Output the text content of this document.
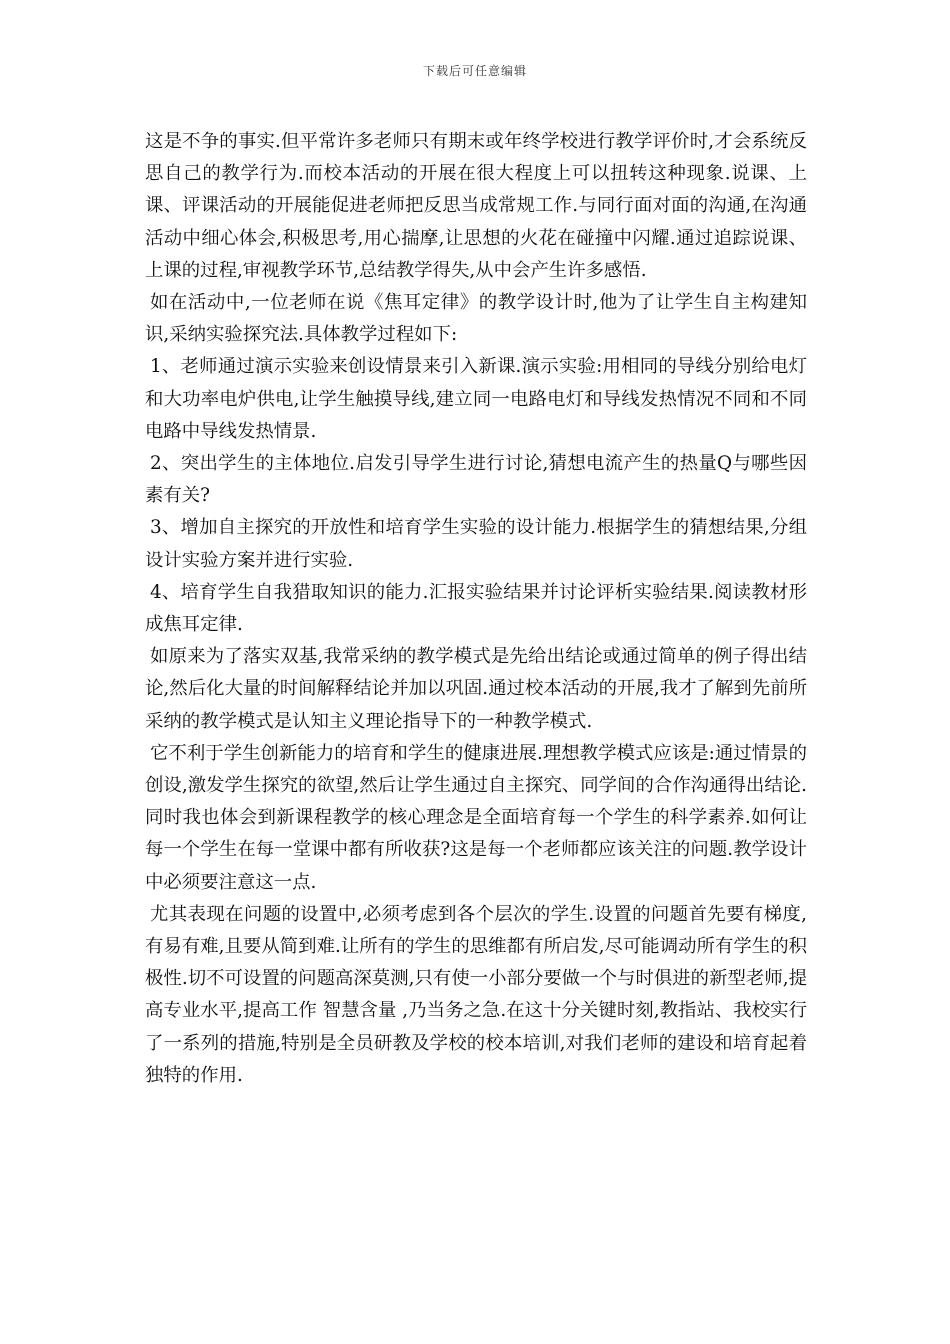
下载后可任意编辑

这是不争的事实.但平常许多老师只有期末或年终学校进行教学评价时,才会系统反思自己的教学行为.而校本活动的开展在很大程度上可以扭转这种现象.说课、上课、评课活动的开展能促进老师把反思当成常规工作.与同行面对面的沟通,在沟通活动中细心体会,积极思考,用心揣摩,让思想的火花在碰撞中闪耀.通过追踪说课、上课的过程,审视教学环节,总结教学得失,从中会产生许多感悟.

如在活动中,一位老师在说《焦耳定律》的教学设计时,他为了让学生自主构建知识,采纳实验探究法.具体教学过程如下:

1、老师通过演示实验来创设情景来引入新课.演示实验:用相同的导线分别给电灯和大功率电炉供电,让学生触摸导线,建立同一电路电灯和导线发热情况不同和不同电路中导线发热情景.

2、突出学生的主体地位.启发引导学生进行讨论,猜想电流产生的热量Q与哪些因素有关?

3、增加自主探究的开放性和培育学生实验的设计能力.根据学生的猜想结果,分组设计实验方案并进行实验.

4、培育学生自我猎取知识的能力.汇报实验结果并讨论评析实验结果.阅读教材形成焦耳定律.

如原来为了落实双基,我常采纳的教学模式是先给出结论或通过简单的例子得出结论,然后化大量的时间解释结论并加以巩固.通过校本活动的开展,我才了解到先前所采纳的教学模式是认知主义理论指导下的一种教学模式.

它不利于学生创新能力的培育和学生的健康进展.理想教学模式应该是:通过情景的创设,激发学生探究的欲望,然后让学生通过自主探究、同学间的合作沟通得出结论.同时我也体会到新课程教学的核心理念是全面培育每一个学生的科学素养.如何让每一个学生在每一堂课中都有所收获?这是每一个老师都应该关注的问题.教学设计中必须要注意这一点.

尤其表现在问题的设置中,必须考虑到各个层次的学生.设置的问题首先要有梯度,有易有难,且要从简到难.让所有的学生的思维都有所启发,尽可能调动所有学生的积极性.切不可设置的问题高深莫测,只有使一小部分要做一个与时俱进的新型老师,提高专业水平,提高工作 智慧含量 ,乃当务之急.在这十分关键时刻,教指站、我校实行了一系列的措施,特别是全员研教及学校的校本培训,对我们老师的建设和培育起着独特的作用.
